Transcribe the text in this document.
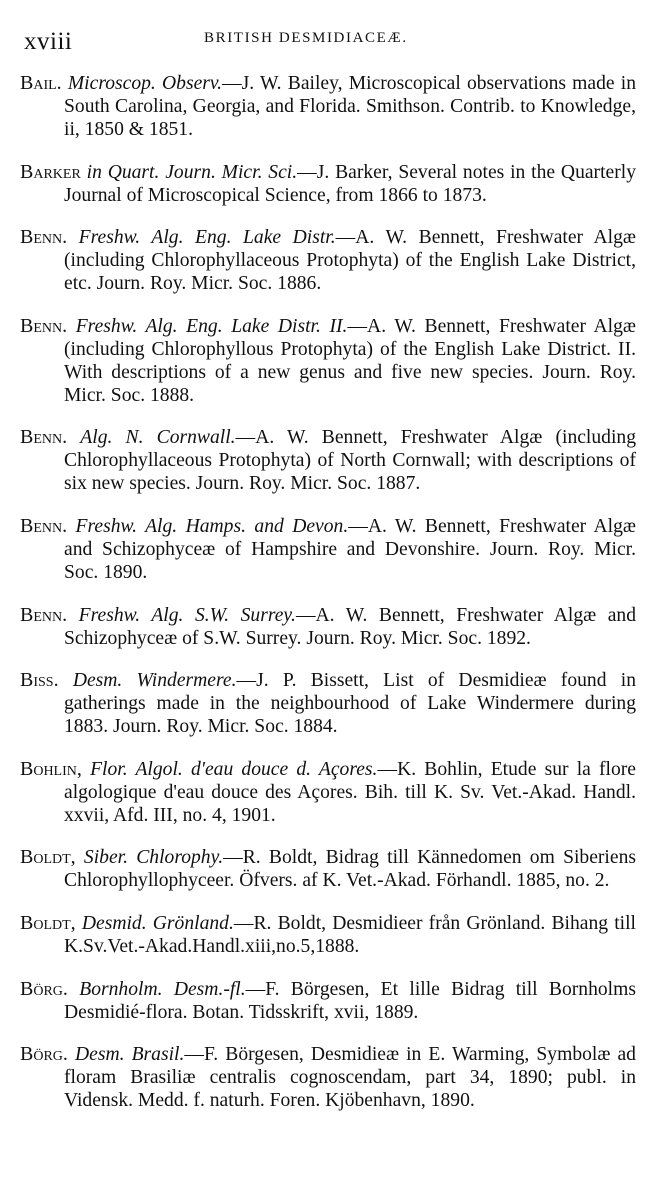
xviii	BRITISH DESMIDIACEÆ.

Bail. Microscop. Observ.—J. W. Bailey, Microscopical observations made in South Carolina, Georgia, and Florida. Smithson. Contrib. to Knowledge, ii, 1850 & 1851.

Barker in Quart. Journ. Micr. Sci.—J. Barker, Several notes in the Quarterly Journal of Microscopical Science, from 1866 to 1873.

Benn. Freshw. Alg. Eng. Lake Distr.—A. W. Bennett, Freshwater Algæ (including Chlorophyllaceous Protophyta) of the English Lake District, etc. Journ. Roy. Micr. Soc. 1886.

Benn. Freshw. Alg. Eng. Lake Distr. II.—A. W. Bennett, Freshwater Algæ (including Chlorophyllous Protophyta) of the English Lake District. II. With descriptions of a new genus and five new species. Journ. Roy. Micr. Soc. 1888.

Benn. Alg. N. Cornwall.—A. W. Bennett, Freshwater Algæ (including Chlorophyllaceous Protophyta) of North Cornwall; with descriptions of six new species. Journ. Roy. Micr. Soc. 1887.

Benn. Freshw. Alg. Hamps. and Devon.—A. W. Bennett, Freshwater Algæ and Schizophyceæ of Hampshire and Devonshire. Journ. Roy. Micr. Soc. 1890.

Benn. Freshw. Alg. S.W. Surrey.—A. W. Bennett, Freshwater Algæ and Schizophyceæ of S.W. Surrey. Journ. Roy. Micr. Soc. 1892.

Biss. Desm. Windermere.—J. P. Bissett, List of Desmidieæ found in gatherings made in the neighbourhood of Lake Windermere during 1883. Journ. Roy. Micr. Soc. 1884.

Bohlin, Flor. Algol. d'eau douce d. Açores.—K. Bohlin, Etude sur la flore algologique d'eau douce des Açores. Bih. till K. Sv. Vet.-Akad. Handl. xxvii, Afd. III, no. 4, 1901.

Boldt, Siber. Chlorophy.—R. Boldt, Bidrag till Kännedomen om Siberiens Chlorophyllophyceer. Öfvers. af K. Vet.-Akad. Förhandl. 1885, no. 2.

Boldt, Desmid. Grönland.—R. Boldt, Desmidieer från Grönland. Bihang till K.Sv.Vet.-Akad.Handl.xiii,no.5,1888.

Börg. Bornholm. Desm.-fl.—F. Börgesen, Et lille Bidrag till Bornholms Desmidié-flora. Botan. Tidsskrift, xvii, 1889.

Börg. Desm. Brasil.—F. Börgesen, Desmidieæ in E. Warming, Symbolæ ad floram Brasiliæ centralis cognoscendam, part 34, 1890; publ. in Vidensk. Medd. f. naturh. Foren. Kjöbenhavn, 1890.
